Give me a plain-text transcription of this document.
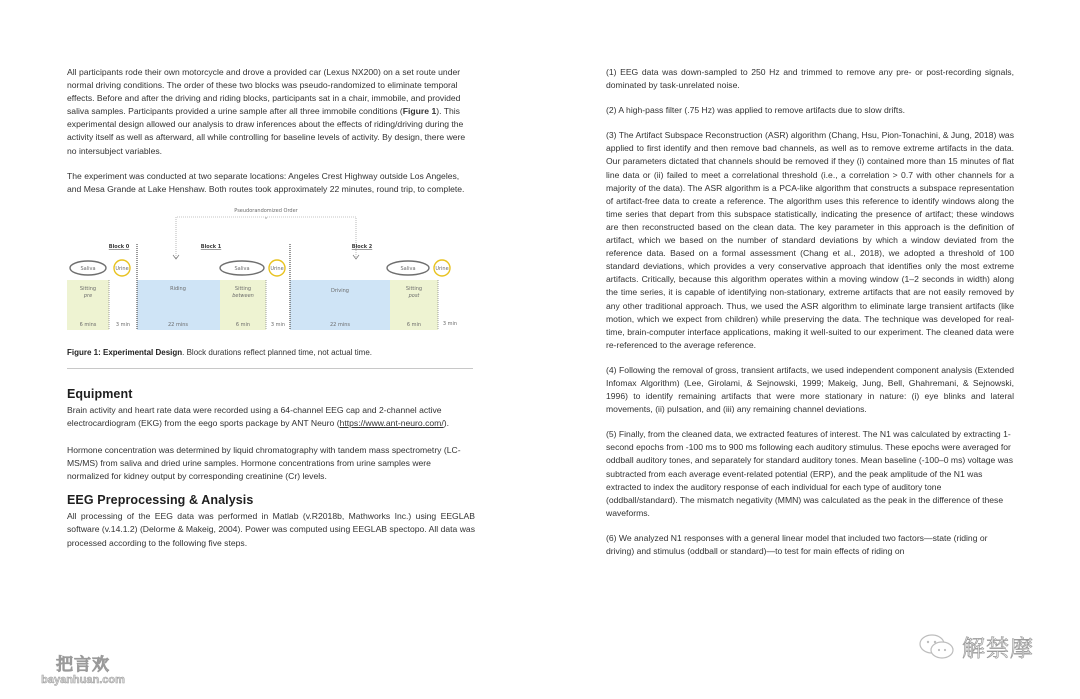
All participants rode their own motorcycle and drove a provided car (Lexus NX200) on a set route under normal driving conditions. The order of these two blocks was pseudo-randomized to eliminate temporal effects. Before and after the driving and riding blocks, participants sat in a chair, immobile, and provided saliva samples. Participants provided a urine sample after all three immobile conditions (Figure 1). This experimental design allowed our analysis to draw inferences about the effects of riding/driving during the activity itself as well as afterward, all while controlling for baseline levels of activity. By design, there were no intersubject variables.

The experiment was conducted at two separate locations: Angeles Crest Highway outside Los Angeles, and Mesa Grande at Lake Henshaw. Both routes took approximately 22 minutes, round trip, to complete.

Pseudorandomized Order
Block 0	Block 1	Block 2
Saliva	Urine	Saliva	Urine	Saliva	Urine
Sitting
pre
6 mins	3 min
Riding
22 mins
Sitting
between
6 min	3 min
Driving
22 mins
Sitting
post
6 min	3 min

Figure 1: Experimental Design. Block durations reflect planned time, not actual time.

Equipment

Brain activity and heart rate data were recorded using a 64-channel EEG cap and 2-channel active electrocardiogram (EKG) from the eego sports package by ANT Neuro (https://www.ant-neuro.com/).

Hormone concentration was determined by liquid chromatography with tandem mass spectrometry (LC-MS/MS) from saliva and dried urine samples. Hormone concentrations from urine samples were normalized for kidney output by corresponding creatinine (Cr) levels.

EEG Preprocessing & Analysis

All processing of the EEG data was performed in Matlab (v.R2018b, Mathworks Inc.) using EEGLAB software (v.14.1.2) (Delorme & Makeig, 2004). Power was computed using EEGLAB spectopo. All data was processed according to the following five steps.

(1) EEG data was down-sampled to 250 Hz and trimmed to remove any pre- or post-recording signals, dominated by task-unrelated noise.

(2) A high-pass filter (.75 Hz) was applied to remove artifacts due to slow drifts.

(3) The Artifact Subspace Reconstruction (ASR) algorithm (Chang, Hsu, Pion-Tonachini, & Jung, 2018) was applied to first identify and then remove bad channels, as well as to remove extreme artifacts in the data. Our parameters dictated that channels should be removed if they (i) contained more than 15 minutes of flat line data or (ii) failed to meet a correlational threshold (i.e., a correlation > 0.7 with other channels for a majority of the data). The ASR algorithm is a PCA-like algorithm that constructs a subspace representation of artifact-free data to create a reference. The algorithm uses this reference to identify windows along the time series that depart from this subspace statistically, indicating the presence of artifact; these windows are then reconstructed based on the clean data. The key parameter in this approach is the definition of artifact, which we based on the number of standard deviations by which a window deviated from the reference data. Based on a formal assessment (Chang et al., 2018), we adopted a threshold of 100 standard deviations, which provides a very conservative approach that identifies only the most extreme artifacts. Critically, because this algorithm operates within a moving window (1–2 seconds in width) along the time series, it is capable of identifying non-stationary, extreme artifacts that are not easily removed by any other traditional approach. Thus, we used the ASR algorithm to eliminate large transient artifacts (like motion, which we expect from children) while preserving the data. The technique was developed for real-time, brain-computer interface applications, making it well-suited to our experiment. The cleaned data were re-referenced to the average reference.

(4) Following the removal of gross, transient artifacts, we used independent component analysis (Extended Infomax Algorithm) (Lee, Girolami, & Sejnowski, 1999; Makeig, Jung, Bell, Ghahremani, & Sejnowski, 1996) to identify remaining artifacts that were more stationary in nature: (i) eye blinks and lateral movements, (ii) pulsation, and (iii) any remaining channel deviations.

(5) Finally, from the cleaned data, we extracted features of interest. The N1 was calculated by extracting 1-second epochs from -100 ms to 900 ms following each auditory stimulus. These epochs were averaged for oddball auditory tones, and separately for standard auditory tones. Mean baseline (-100–0 ms) voltage was subtracted from each average event-related potential (ERP), and the peak amplitude of the N1 was extracted to index the auditory response of each individual for each type of auditory tone (oddball/standard). The mismatch negativity (MMN) was calculated as the peak in the difference of these waveforms.

(6) We analyzed N1 responses with a general linear model that included two factors—state (riding or driving) and stimulus (oddball or standard)—to test for main effects of riding on

把言欢
bayanhuan.com
解禁摩
